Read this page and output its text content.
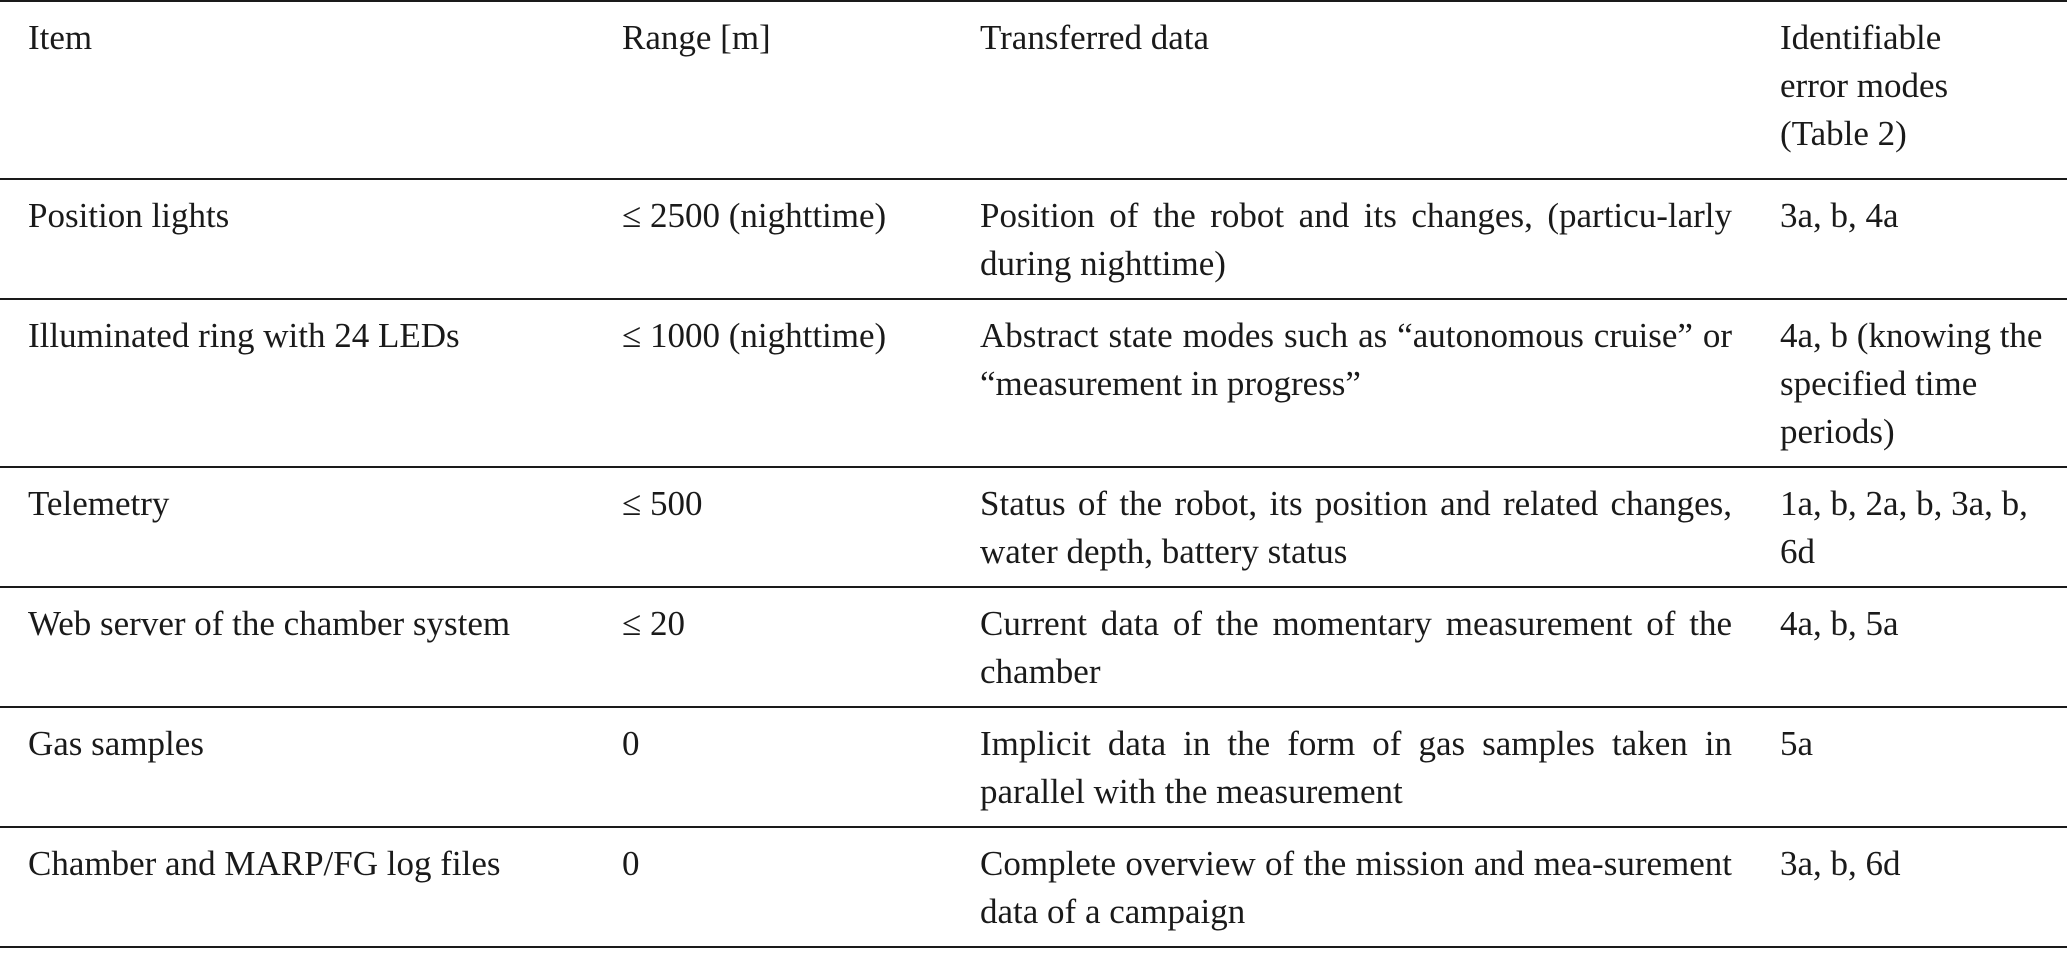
Item	Range [m]	Transferred data	Identifiable
error modes
(Table 2)
Position lights	≤ 2500 (nighttime)	Position of the robot and its changes, (particu-larly during nighttime)	3a, b, 4a
Illuminated ring with 24 LEDs	≤ 1000 (nighttime)	Abstract state modes such as “autonomous cruise” or “measurement in progress”	4a, b (knowing the specified time periods)
Telemetry	≤ 500	Status of the robot, its position and related changes, water depth, battery status	1a, b, 2a, b, 3a, b, 6d
Web server of the chamber system	≤ 20	Current data of the momentary measurement of the chamber	4a, b, 5a
Gas samples	0	Implicit data in the form of gas samples taken in parallel with the measurement	5a
Chamber and MARP/FG log files	0	Complete overview of the mission and mea-surement data of a campaign	3a, b, 6d
